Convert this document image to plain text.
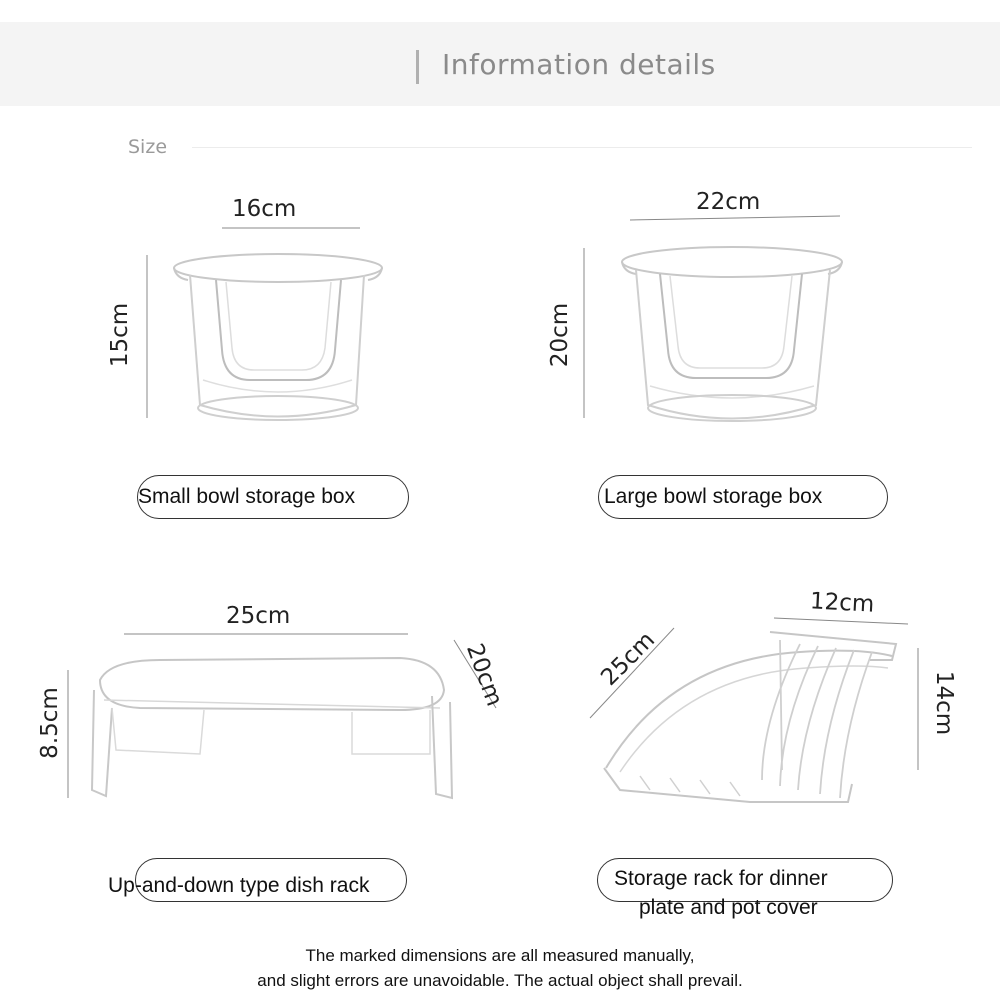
Information details
Size
16cm
15cm
Small bowl storage box
22cm
20cm
Large bowl storage box
25cm
8.5cm
20cm
Up-and-down type dish rack
12cm
25cm
14cm
Storage rack for dinner
plate and pot cover
The marked dimensions are all measured manually,
and slight errors are unavoidable. The actual object shall prevail.
